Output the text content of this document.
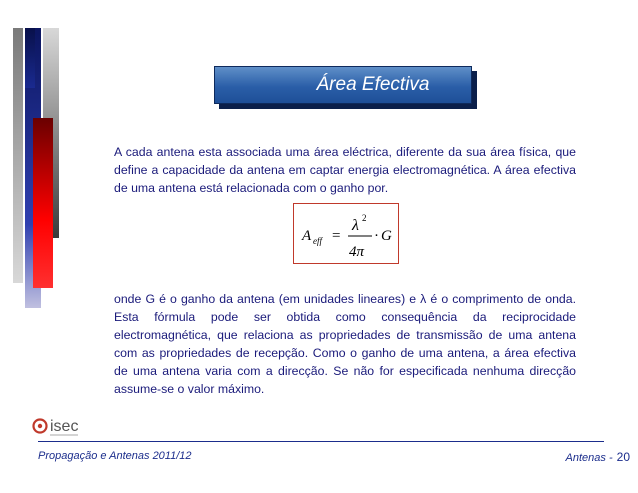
Área Efectiva
A cada antena esta associada uma área eléctrica, diferente da sua área física, que define a capacidade da antena em captar energia electromagnética. A área efectiva de uma antena está relacionada com o ganho por.
A eff =
λ 2
4π
· G
onde G é o ganho da antena (em unidades lineares) e λ é o comprimento de onda. Esta fórmula pode ser obtida como consequência da reciprocidade electromagnética, que relaciona as propriedades de transmissão de uma antena com as propriedades de recepção. Como o ganho de uma antena, a área efectiva de uma antena varia com a direcção. Se não for especificada nenhuma direcção assume-se o valor máximo.
isec
Propagação e Antenas 2011/12	Antenas - 20
